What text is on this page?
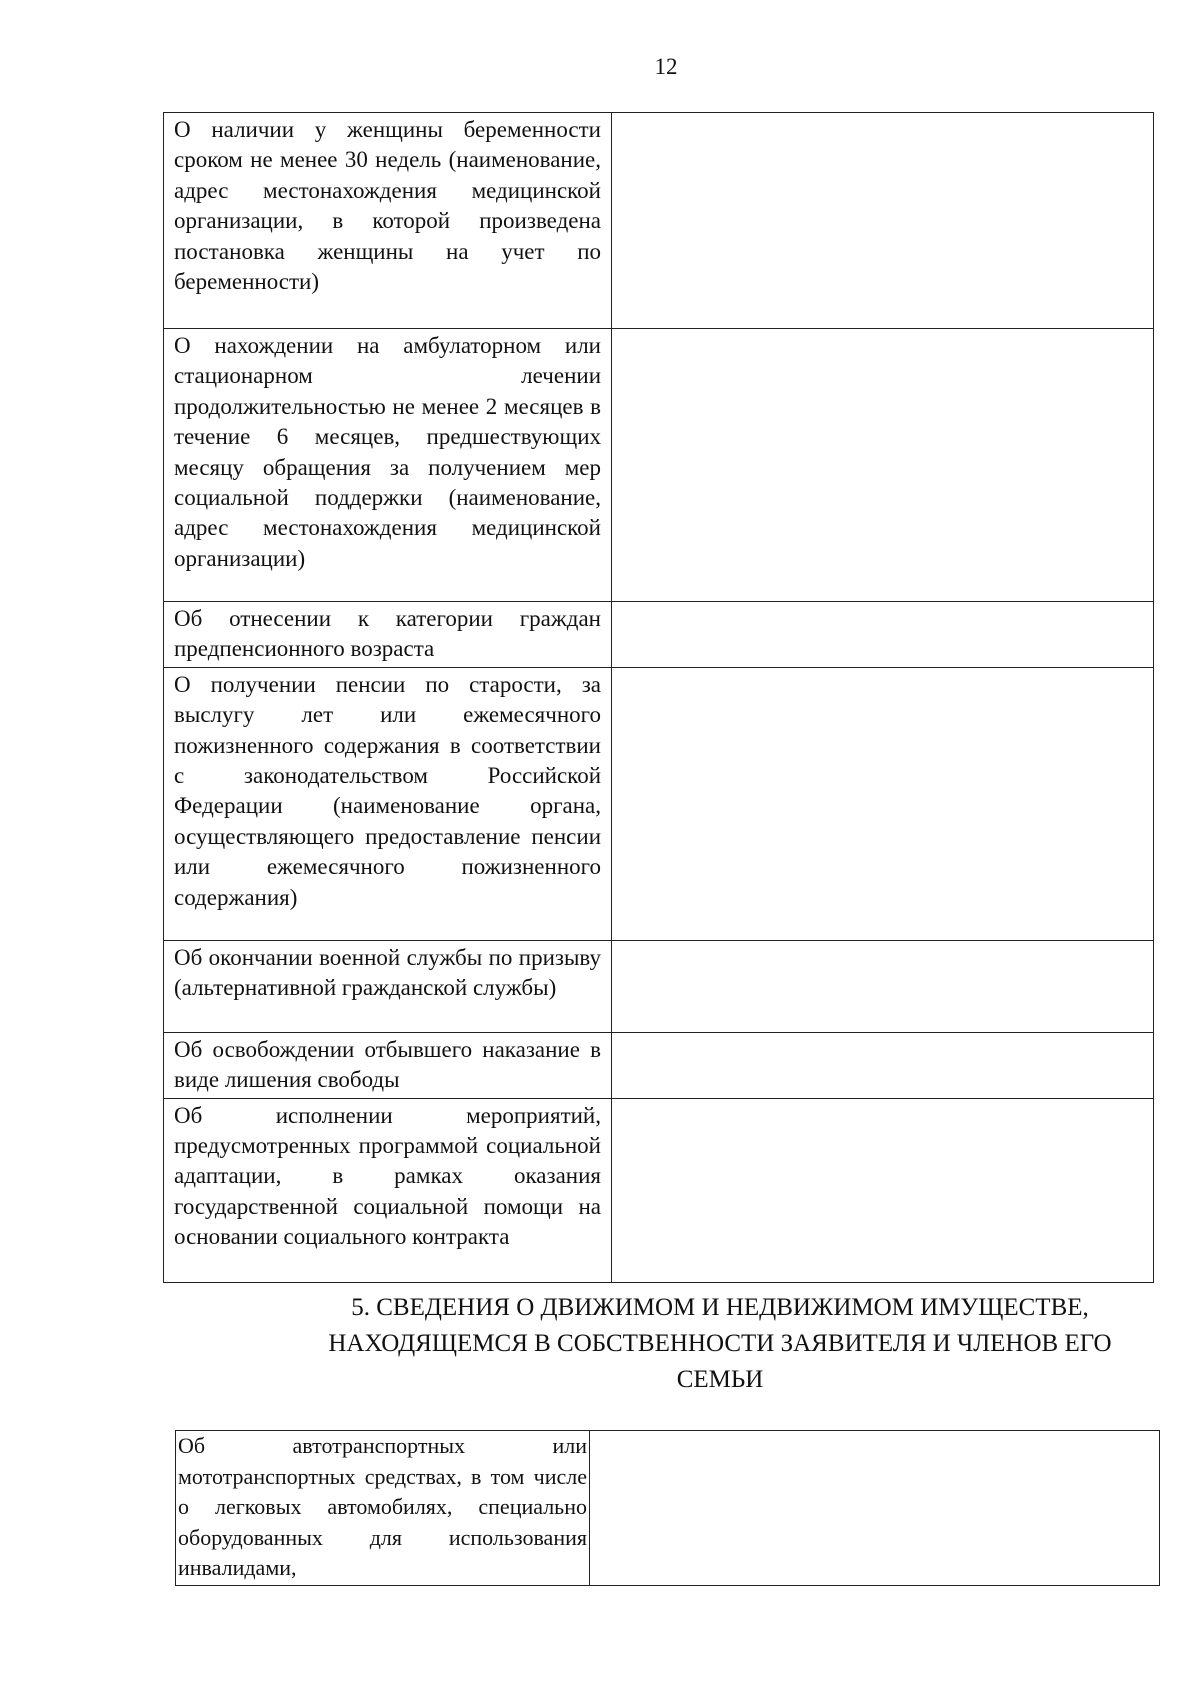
12
О наличии у женщины беременности сроком не менее 30 недель (наименование, адрес местонахождения медицинской организации, в которой произведена постановка женщины на учет по беременности)	
О нахождении на амбулаторном или стационарном лечении продолжительностью не менее 2 месяцев в течение 6 месяцев, предшествующих месяцу обращения за получением мер социальной поддержки (наименование, адрес местонахождения медицинской организации)	
Об отнесении к категории граждан предпенсионного возраста	
О получении пенсии по старости, за выслугу лет или ежемесячного пожизненного содержания в соответствии с законодательством Российской Федерации (наименование органа, осуществляющего предоставление пенсии или ежемесячного пожизненного содержания)	
Об окончании военной службы по призыву (альтернативной гражданской службы)	
Об освобождении отбывшего наказание в виде лишения свободы	
Об исполнении мероприятий, предусмотренных программой социальной адаптации, в рамках оказания государственной социальной помощи на основании социального контракта	
5. СВЕДЕНИЯ О ДВИЖИМОМ И НЕДВИЖИМОМ ИМУЩЕСТВЕ,
НАХОДЯЩЕМСЯ В СОБСТВЕННОСТИ ЗАЯВИТЕЛЯ И ЧЛЕНОВ ЕГО
СЕМЬИ
Об автотранспортных или мототранспортных средствах, в том числе о легковых автомобилях, специально оборудованных для использования инвалидами,	
